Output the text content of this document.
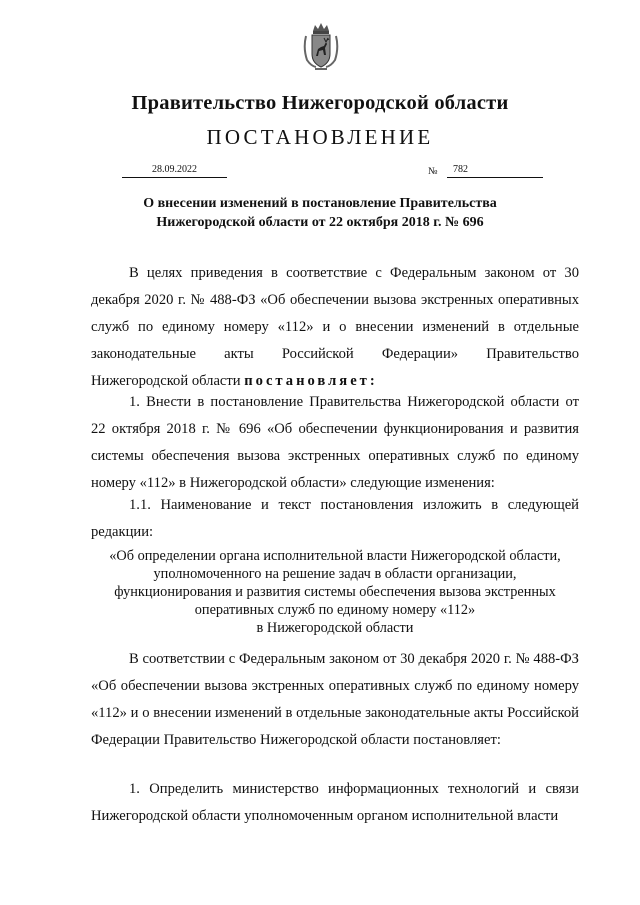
Правительство Нижегородской области
ПОСТАНОВЛЕНИЕ
28.09.2022	№	782
О внесении изменений в постановление Правительства
Нижегородской области от 22 октября 2018 г. № 696
В целях приведения в соответствие с Федеральным законом от 30 декабря 2020 г. № 488-ФЗ «Об обеспечении вызова экстренных оперативных служб по единому номеру «112» и о внесении изменений в отдельные законодательные акты Российской Федерации» Правительство Нижегородской области постановляет:
1. Внести в постановление Правительства Нижегородской области от 22 октября 2018 г. № 696 «Об обеспечении функционирования и развития системы обеспечения вызова экстренных оперативных служб по единому номеру «112» в Нижегородской области» следующие изменения:
1.1. Наименование и текст постановления изложить в следующей редакции:
«Об определении органа исполнительной власти Нижегородской области,
уполномоченного на решение задач в области организации,
функционирования и развития системы обеспечения вызова экстренных
оперативных служб по единому номеру «112»
в Нижегородской области
В соответствии с Федеральным законом от 30 декабря 2020 г. № 488-ФЗ «Об обеспечении вызова экстренных оперативных служб по единому номеру «112» и о внесении изменений в отдельные законодательные акты Российской Федерации Правительство Нижегородской области постановляет:
1. Определить министерство информационных технологий и связи Нижегородской области уполномоченным органом исполнительной власти
